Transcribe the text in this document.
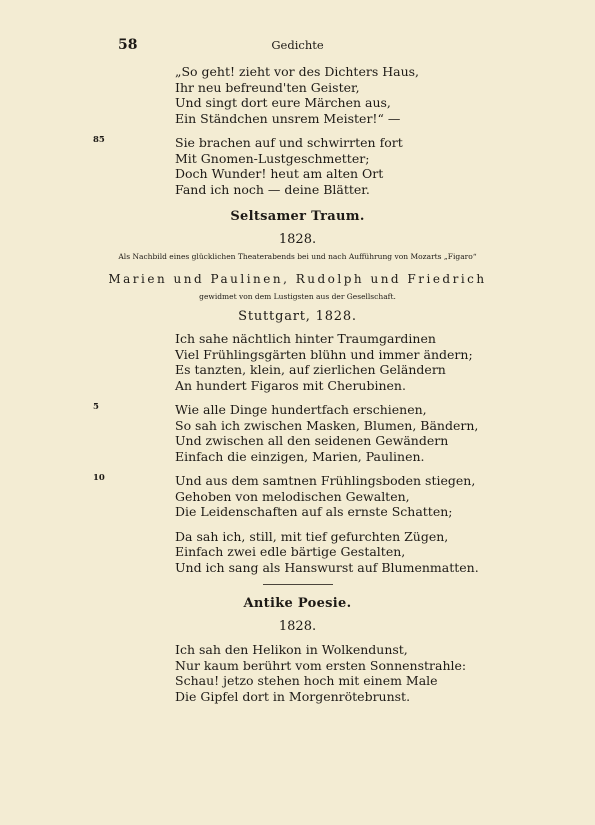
58	Gedichte
„So geht! zieht vor des Dichters Haus,
Ihr neu befreund'ten Geister,
Und singt dort eure Märchen aus,
Ein Ständchen unsrem Meister!“ —
85	Sie brachen auf und schwirrten fort
Mit Gnomen-Lustgeschmetter;
Doch Wunder! heut am alten Ort
Fand ich noch — deine Blätter.
Seltsamer Traum.
1828.
Als Nachbild eines glücklichen Theaterabends bei und nach Aufführung von Mozarts „Figaro“
Marien und Paulinen, Rudolph und Friedrich
gewidmet von dem Lustigsten aus der Gesellschaft.
Stuttgart, 1828.
Ich sahe nächtlich hinter Traumgardinen
Viel Frühlingsgärten blühn und immer ändern;
Es tanzten, klein, auf zierlichen Geländern
An hundert Figaros mit Cherubinen.
5	Wie alle Dinge hundertfach erschienen,
So sah ich zwischen Masken, Blumen, Bändern,
Und zwischen all den seidenen Gewändern
Einfach die einzigen, Marien, Paulinen.
10	Und aus dem samtnen Frühlingsboden stiegen,
Gehoben von melodischen Gewalten,
Die Leidenschaften auf als ernste Schatten;
Da sah ich, still, mit tief gefurchten Zügen,
Einfach zwei edle bärtige Gestalten,
Und ich sang als Hanswurst auf Blumenmatten.
Antike Poesie.
1828.
Ich sah den Helikon in Wolkendunst,
Nur kaum berührt vom ersten Sonnenstrahle:
Schau! jetzo stehen hoch mit einem Male
Die Gipfel dort in Morgenrötebrunst.
